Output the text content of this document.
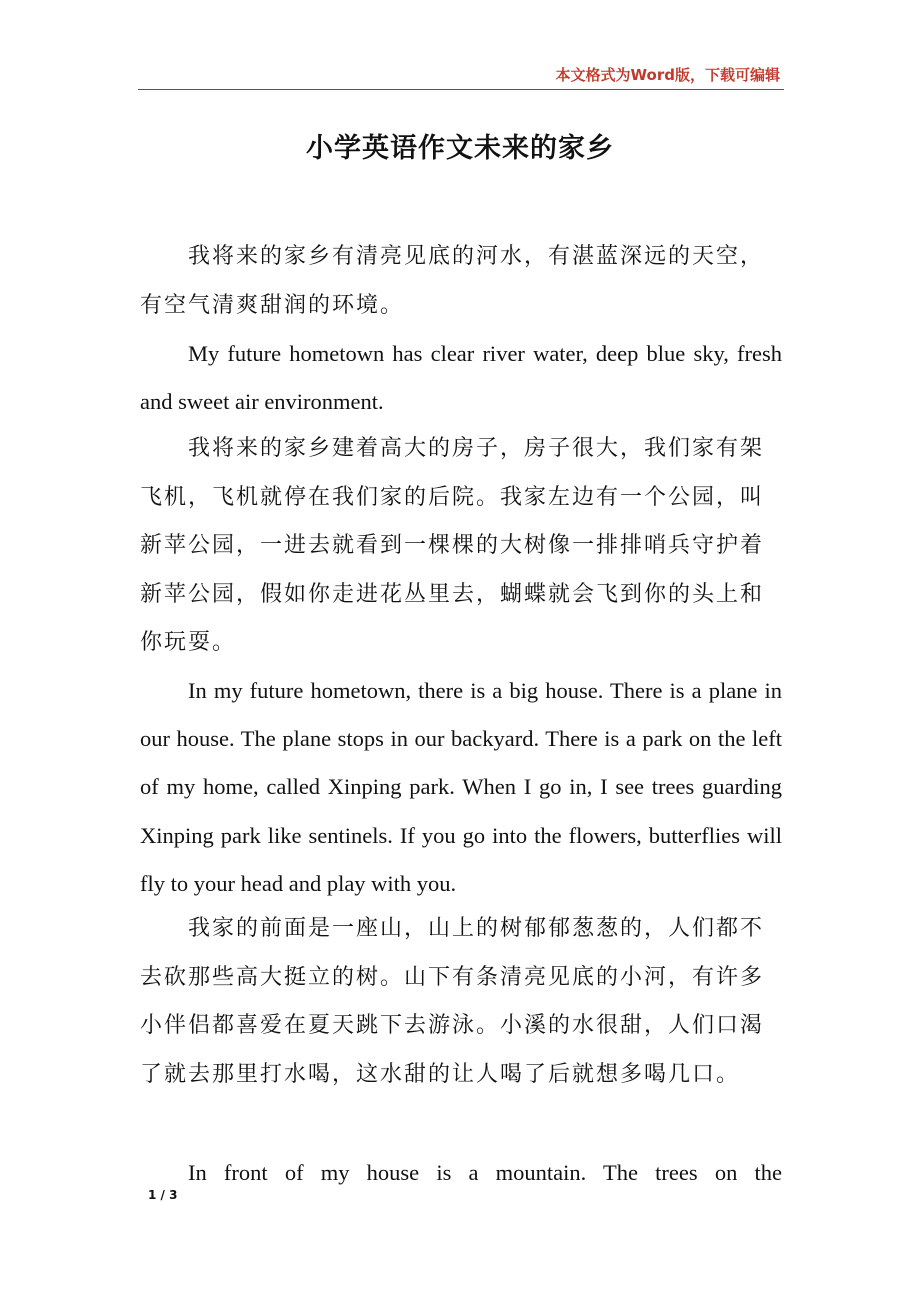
本文格式为Word版，下载可编辑
小学英语作文未来的家乡

我将来的家乡有清亮见底的河水，有湛蓝深远的天空，有空气清爽甜润的环境。

My future hometown has clear river water, deep blue sky, fresh and sweet air environment.

我将来的家乡建着高大的房子，房子很大，我们家有架飞机，飞机就停在我们家的后院。我家左边有一个公园，叫新苹公园，一进去就看到一棵棵的大树像一排排哨兵守护着新苹公园，假如你走进花丛里去，蝴蝶就会飞到你的头上和你玩耍。

In my future hometown, there is a big house. There is a plane in our house. The plane stops in our backyard. There is a park on the left of my home, called Xinping park. When I go in, I see trees guarding Xinping park like sentinels. If you go into the flowers, butterflies will fly to your head and play with you.

我家的前面是一座山，山上的树郁郁葱葱的，人们都不去砍那些高大挺立的树。山下有条清亮见底的小河，有许多小伴侣都喜爱在夏天跳下去游泳。小溪的水很甜，人们口渴了就去那里打水喝，这水甜的让人喝了后就想多喝几口。

In front of my house is a mountain. The trees on the

1 / 3
